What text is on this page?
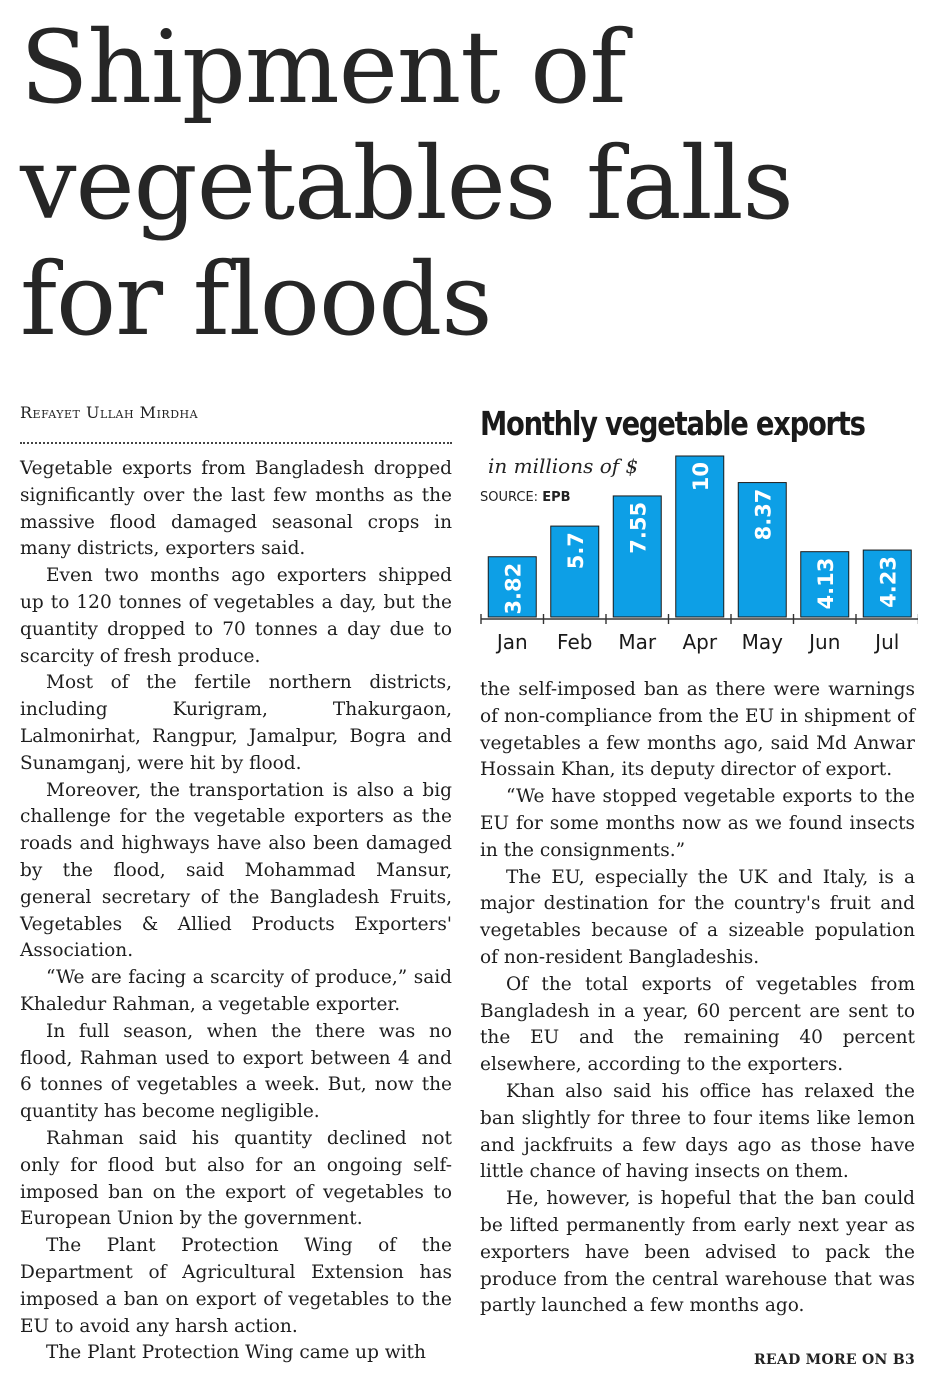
Shipment of
vegetables falls
for floods
Refayet Ullah Mirdha

Vegetable exports from Bangladesh dropped significantly over the last few months as the massive flood damaged seasonal crops in many districts, exporters said.

Even two months ago exporters shipped up to 120 tonnes of vegetables a day, but the quantity dropped to 70 tonnes a day due to scarcity of fresh produce.

Most of the fertile northern districts, including Kurigram, Thakurgaon, Lalmonirhat, Rangpur, Jamalpur, Bogra and Sunamganj, were hit by flood.

Moreover, the transportation is also a big challenge for the vegetable exporters as the roads and highways have also been damaged by the flood, said Mohammad Mansur, general secretary of the Bangladesh Fruits, Vegetables & Allied Products Exporters' Association.

“We are facing a scarcity of produce,” said Khaledur Rahman, a vegetable exporter.

In full season, when the there was no flood, Rahman used to export between 4 and 6 tonnes of vegetables a week. But, now the quantity has become negligible.

Rahman said his quantity declined not only for flood but also for an ongoing self-imposed ban on the export of vegetables to European Union by the government.

The Plant Protection Wing of the Department of Agricultural Extension has imposed a ban on export of vegetables to the EU to avoid any harsh action.

The Plant Protection Wing came up with

Monthly vegetable exports
in millions of $
SOURCE: EPB
3.82
Jan
5.7
Feb
7.55
Mar
10
Apr
8.37
May
4.13
Jun
4.23
Jul

the self-imposed ban as there were warnings of non-compliance from the EU in shipment of vegetables a few months ago, said Md Anwar Hossain Khan, its deputy director of export.

“We have stopped vegetable exports to the EU for some months now as we found insects in the consignments.”

The EU, especially the UK and Italy, is a major destination for the country's fruit and vegetables because of a sizeable population of non-resident Bangladeshis.

Of the total exports of vegetables from Bangladesh in a year, 60 percent are sent to the EU and the remaining 40 percent elsewhere, according to the exporters.

Khan also said his office has relaxed the ban slightly for three to four items like lemon and jackfruits a few days ago as those have little chance of having insects on them.

He, however, is hopeful that the ban could be lifted permanently from early next year as exporters have been advised to pack the produce from the central warehouse that was partly launched a few months ago.

READ MORE ON B3
